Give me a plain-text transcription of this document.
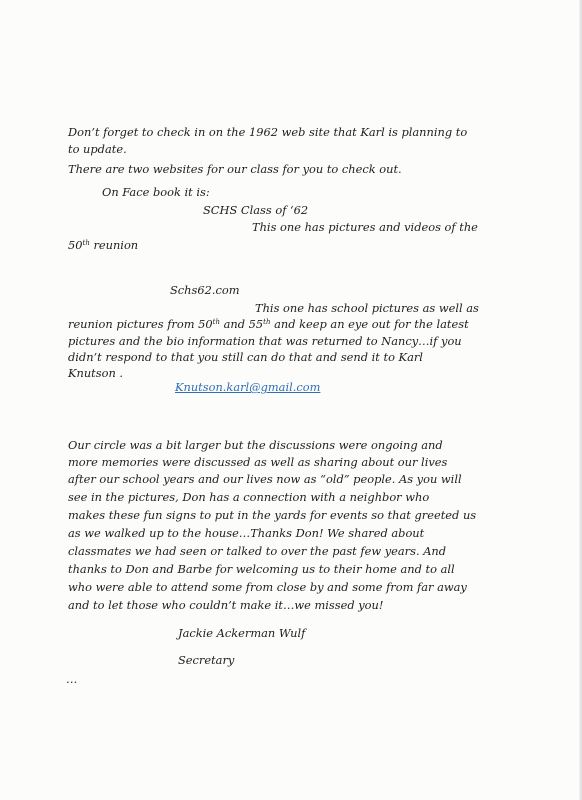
Don’t forget to check in on the 1962 web site that Karl is planning to
to update.
There are two websites for our class for you to check out.
On Face book it is:
SCHS Class of ‘62
This one has pictures and videos of the
50th reunion
Schs62.com
This one has school pictures as well as
reunion pictures from 50th and 55th and keep an eye out for the latest
pictures and the bio information that was returned to Nancy…if you
didn’t respond to that you still can do that and send it to Karl
Knutson .
Knutson.karl@gmail.com
Our circle was a bit larger but the discussions were ongoing and
more memories were discussed as well as sharing about our lives
after our school years and our lives now as “old” people. As you will
see in the pictures, Don has a connection with a neighbor who
makes these fun signs to put in the yards for events so that greeted us
as we walked up to the house…Thanks Don! We shared about
classmates we had seen or talked to over the past few years. And
thanks to Don and Barbe for welcoming us to their home and to all
who were able to attend some from close by and some from far away
and to let those who couldn’t make it…we missed you!
Jackie Ackerman Wulf
Secretary
…
